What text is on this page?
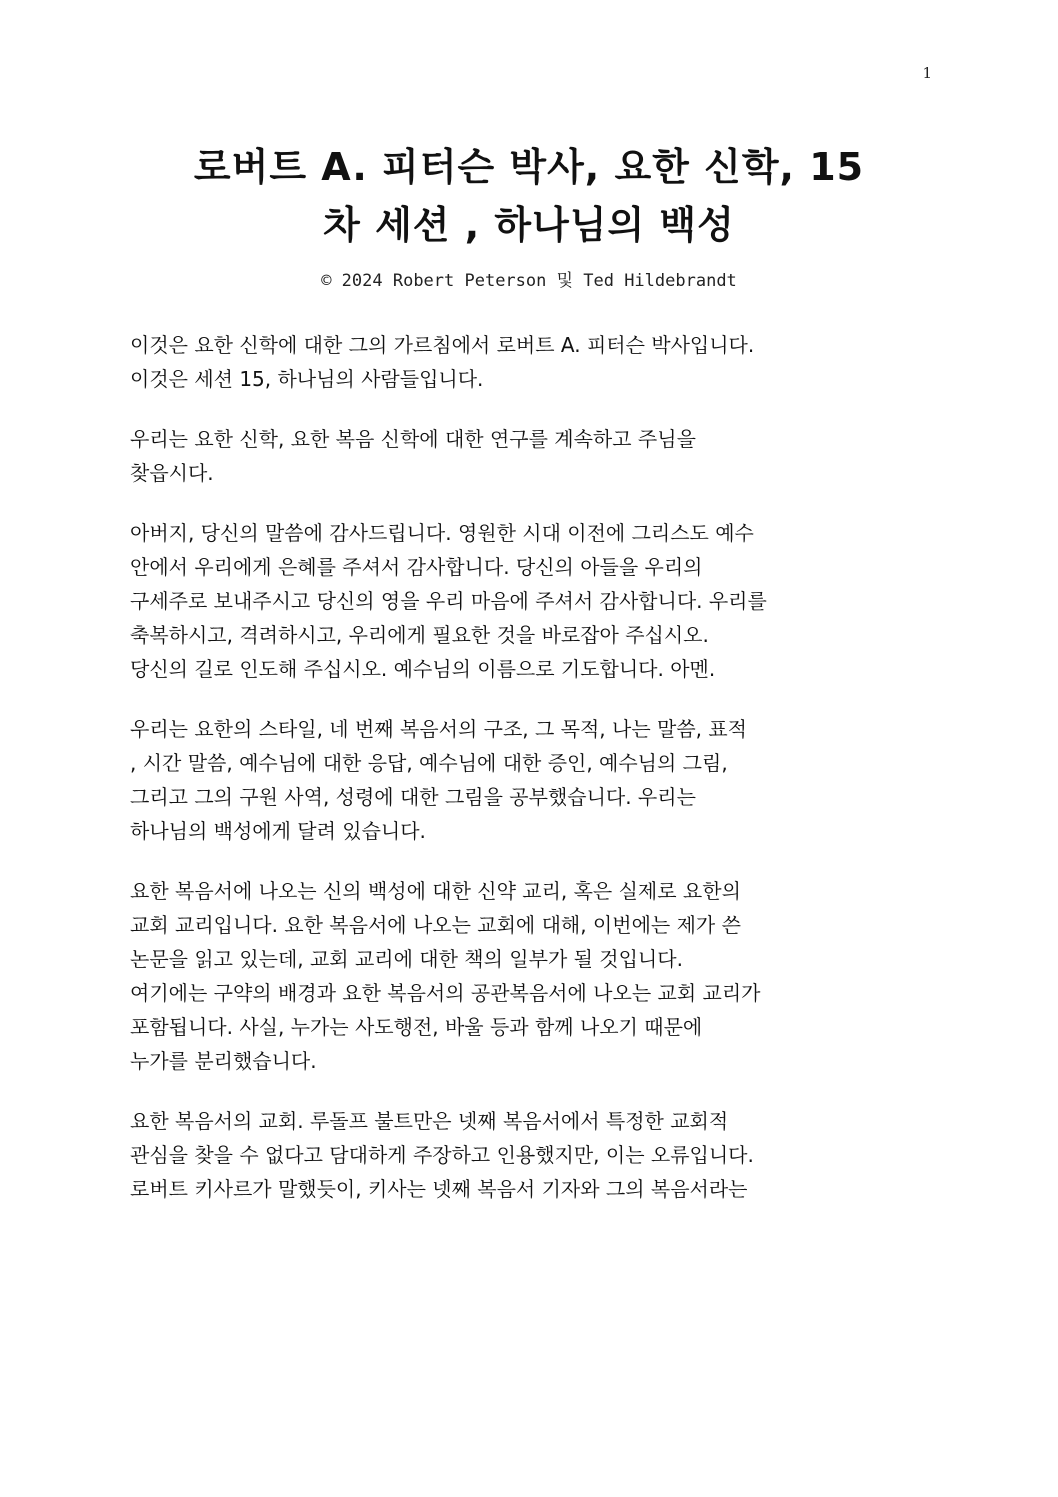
1
로버트 A. 피터슨 박사, 요한 신학, 15
차 세션 , 하나님의 백성
© 2024 Robert Peterson 및 Ted Hildebrandt

이것은 요한 신학에 대한 그의 가르침에서 로버트 A. 피터슨 박사입니다.
이것은 세션 15, 하나님의 사람들입니다.

우리는 요한 신학, 요한 복음 신학에 대한 연구를 계속하고 주님을
찾읍시다.

아버지, 당신의 말씀에 감사드립니다. 영원한 시대 이전에 그리스도 예수
안에서 우리에게 은혜를 주셔서 감사합니다. 당신의 아들을 우리의
구세주로 보내주시고 당신의 영을 우리 마음에 주셔서 감사합니다. 우리를
축복하시고, 격려하시고, 우리에게 필요한 것을 바로잡아 주십시오.
당신의 길로 인도해 주십시오. 예수님의 이름으로 기도합니다. 아멘.

우리는 요한의 스타일, 네 번째 복음서의 구조, 그 목적, 나는 말씀, 표적
, 시간 말씀, 예수님에 대한 응답, 예수님에 대한 증인, 예수님의 그림,
그리고 그의 구원 사역, 성령에 대한 그림을 공부했습니다. 우리는
하나님의 백성에게 달려 있습니다.

요한 복음서에 나오는 신의 백성에 대한 신약 교리, 혹은 실제로 요한의
교회 교리입니다. 요한 복음서에 나오는 교회에 대해, 이번에는 제가 쓴
논문을 읽고 있는데, 교회 교리에 대한 책의 일부가 될 것입니다.
여기에는 구약의 배경과 요한 복음서의 공관복음서에 나오는 교회 교리가
포함됩니다. 사실, 누가는 사도행전, 바울 등과 함께 나오기 때문에
누가를 분리했습니다.

요한 복음서의 교회. 루돌프 불트만은 넷째 복음서에서 특정한 교회적
관심을 찾을 수 없다고 담대하게 주장하고 인용했지만, 이는 오류입니다.
로버트 키사르가 말했듯이, 키사는 넷째 복음서 기자와 그의 복음서라는
